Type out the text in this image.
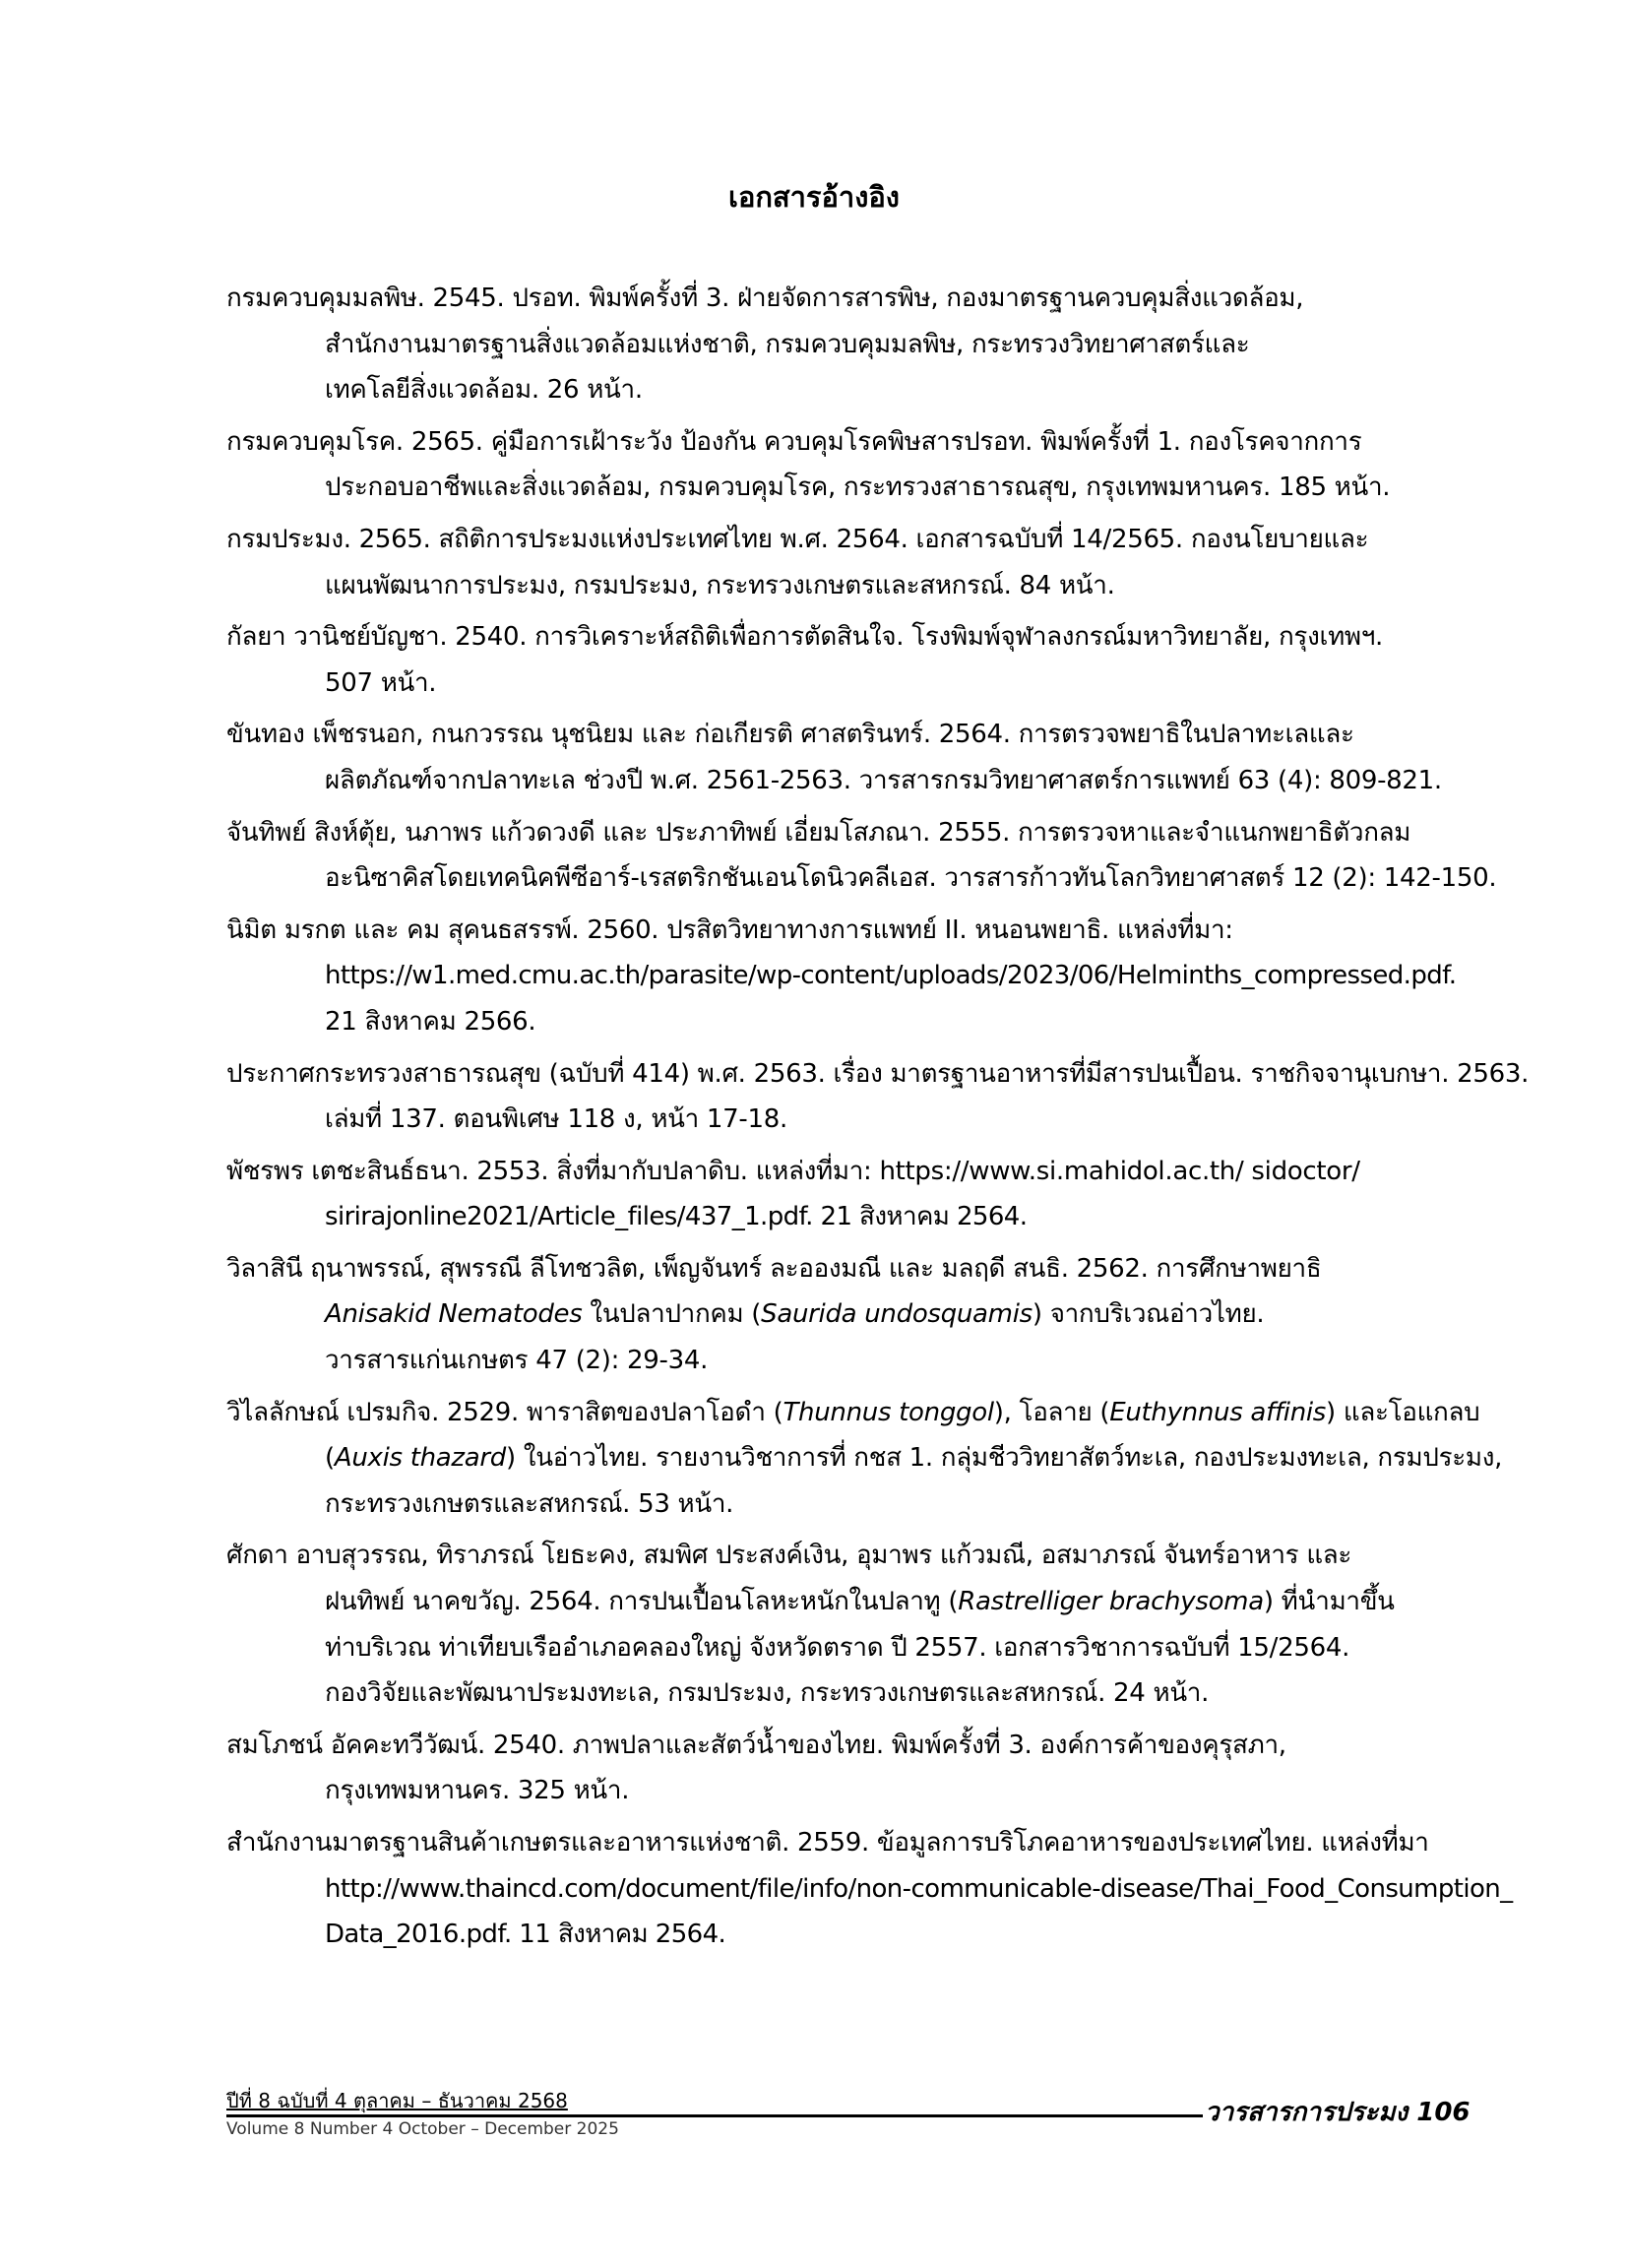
เอกสารอ้างอิง
กรมควบคุมมลพิษ. 2545. ปรอท. พิมพ์ครั้งที่ 3. ฝ่ายจัดการสารพิษ, กองมาตรฐานควบคุมสิ่งแวดล้อม,
สำนักงานมาตรฐานสิ่งแวดล้อมแห่งชาติ, กรมควบคุมมลพิษ, กระทรวงวิทยาศาสตร์และ
เทคโลยีสิ่งแวดล้อม. 26 หน้า.
กรมควบคุมโรค. 2565. คู่มือการเฝ้าระวัง ป้องกัน ควบคุมโรคพิษสารปรอท. พิมพ์ครั้งที่ 1. กองโรคจากการ
ประกอบอาชีพและสิ่งแวดล้อม, กรมควบคุมโรค, กระทรวงสาธารณสุข, กรุงเทพมหานคร. 185 หน้า.
กรมประมง. 2565. สถิติการประมงแห่งประเทศไทย พ.ศ. 2564. เอกสารฉบับที่ 14/2565. กองนโยบายและ
แผนพัฒนาการประมง, กรมประมง, กระทรวงเกษตรและสหกรณ์. 84 หน้า.
กัลยา วานิชย์บัญชา. 2540. การวิเคราะห์สถิติเพื่อการตัดสินใจ. โรงพิมพ์จุฬาลงกรณ์มหาวิทยาลัย, กรุงเทพฯ.
507 หน้า.
ขันทอง เพ็ชรนอก, กนกวรรณ นุชนิยม และ ก่อเกียรติ ศาสตรินทร์. 2564. การตรวจพยาธิในปลาทะเลและ
ผลิตภัณฑ์จากปลาทะเล ช่วงปี พ.ศ. 2561-2563. วารสารกรมวิทยาศาสตร์การแพทย์ 63 (4): 809-821.
จันทิพย์ สิงห์ตุ้ย, นภาพร แก้วดวงดี และ ประภาทิพย์ เอี่ยมโสภณา. 2555. การตรวจหาและจำแนกพยาธิตัวกลม
อะนิซาคิสโดยเทคนิคพีซีอาร์-เรสตริกชันเอนโดนิวคลีเอส. วารสารก้าวทันโลกวิทยาศาสตร์ 12 (2): 142-150.
นิมิต มรกต และ คม สุคนธสรรพ์. 2560. ปรสิตวิทยาทางการแพทย์ II. หนอนพยาธิ. แหล่งที่มา:
https://w1.med.cmu.ac.th/parasite/wp-content/uploads/2023/06/Helminths_compressed.pdf.
21 สิงหาคม 2566.
ประกาศกระทรวงสาธารณสุข (ฉบับที่ 414) พ.ศ. 2563. เรื่อง มาตรฐานอาหารที่มีสารปนเปื้อน. ราชกิจจานุเบกษา. 2563.
เล่มที่ 137. ตอนพิเศษ 118 ง, หน้า 17-18.
พัชรพร เตชะสินธ์ธนา. 2553. สิ่งที่มากับปลาดิบ. แหล่งที่มา: https://www.si.mahidol.ac.th/ sidoctor/
sirirajonline2021/Article_files/437_1.pdf. 21 สิงหาคม 2564.
วิลาสินี ฤนาพรรณ์, สุพรรณี ลีโทชวลิต, เพ็ญจันทร์ ละอองมณี และ มลฤดี สนธิ. 2562. การศึกษาพยาธิ
Anisakid Nematodes ในปลาปากคม (Saurida undosquamis) จากบริเวณอ่าวไทย.
วารสารแก่นเกษตร 47 (2): 29-34.
วิไลลักษณ์ เปรมกิจ. 2529. พาราสิตของปลาโอดำ (Thunnus tonggol), โอลาย (Euthynnus affinis) และโอแกลบ
(Auxis thazard) ในอ่าวไทย. รายงานวิชาการที่ กชส 1. กลุ่มชีววิทยาสัตว์ทะเล, กองประมงทะเล, กรมประมง,
กระทรวงเกษตรและสหกรณ์. 53 หน้า.
ศักดา อาบสุวรรณ, ทิราภรณ์ โยธะคง, สมพิศ ประสงค์เงิน, อุมาพร แก้วมณี, อสมาภรณ์ จันทร์อาหาร และ
ฝนทิพย์ นาคขวัญ. 2564. การปนเปื้อนโลหะหนักในปลาทู (Rastrelliger brachysoma) ที่นำมาขึ้น
ท่าบริเวณ ท่าเทียบเรืออำเภอคลองใหญ่ จังหวัดตราด ปี 2557. เอกสารวิชาการฉบับที่ 15/2564.
กองวิจัยและพัฒนาประมงทะเล, กรมประมง, กระทรวงเกษตรและสหกรณ์. 24 หน้า.
สมโภชน์ อัคคะทวีวัฒน์. 2540. ภาพปลาและสัตว์น้ำของไทย. พิมพ์ครั้งที่ 3. องค์การค้าของคุรุสภา,
กรุงเทพมหานคร. 325 หน้า.
สำนักงานมาตรฐานสินค้าเกษตรและอาหารแห่งชาติ. 2559. ข้อมูลการบริโภคอาหารของประเทศไทย. แหล่งที่มา
http://www.thaincd.com/document/file/info/non-communicable-disease/Thai_Food_Consumption_
Data_2016.pdf. 11 สิงหาคม 2564.
ปีที่ 8 ฉบับที่ 4 ตุลาคม – ธันวาคม 2568
Volume 8 Number 4 October – December 2025
วารสารการประมง 106
